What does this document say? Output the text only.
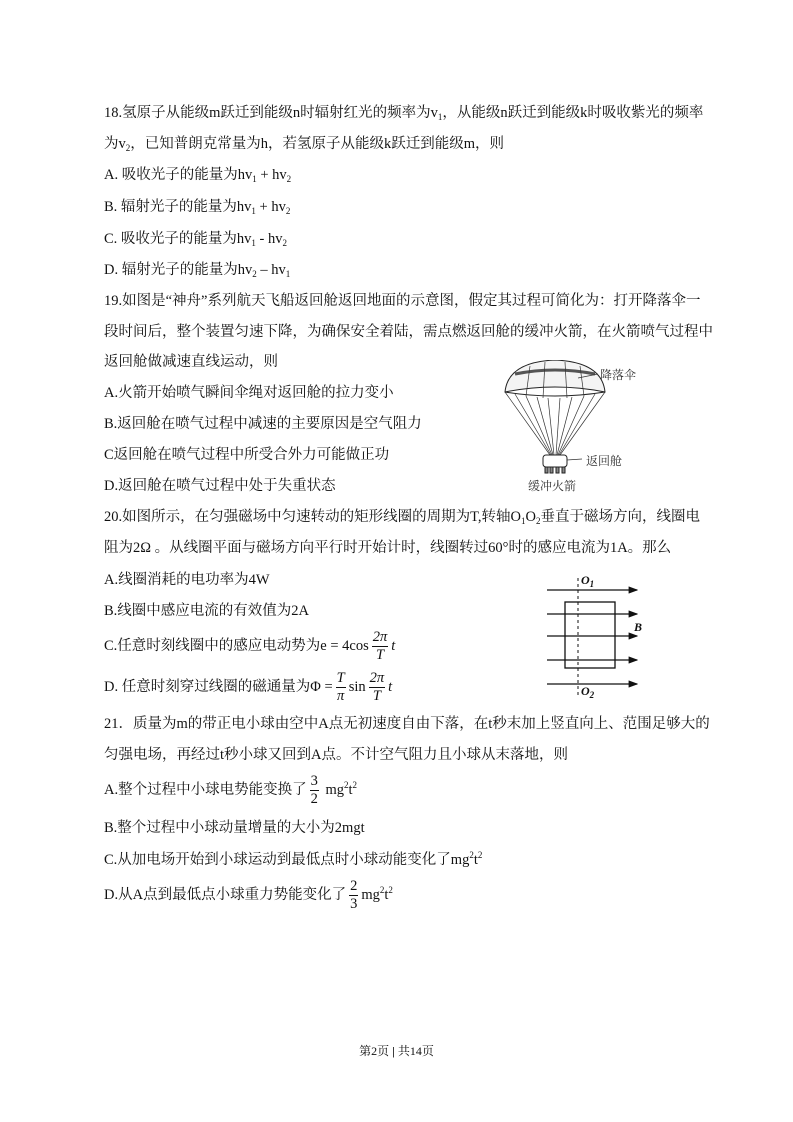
18.氢原子从能级m跃迁到能级n时辐射红光的频率为$v_1$，从能级n跃迁到能级k时吸收紫光的频率
为$v_2$，已知普朗克常量为h，若氢原子从能级k跃迁到能级m，则
A. 吸收光子的能量为$hv_1 + hv_2$
B. 辐射光子的能量为$hv_1 + hv_2$
C. 吸收光子的能量为$hv_1 - hv_2$
D. 辐射光子的能量为$hv_2 - hv_1$
19.如图是“神舟”系列航天飞船返回舱返回地面的示意图，假定其过程可简化为：打开降落伞一
段时间后，整个装置匀速下降，为确保安全着陆，需点燃返回舱的缓冲火箭，在火箭喷气过程中
返回舱做减速直线运动，则
A.火箭开始喷气瞬间伞绳对返回舱的拉力变小
B.返回舱在喷气过程中减速的主要原因是空气阻力
C返回舱在喷气过程中所受合外力可能做正功
D.返回舱在喷气过程中处于失重状态
降落伞
返回舱
缓冲火箭
20.如图所示，在匀强磁场中匀速转动的矩形线圈的周期为T,转轴$O_1O_2$垂直于磁场方向，线圈电
阻为2Ω 。从线圈平面与磁场方向平行时开始计时，线圈转过60°时的感应电流为1A。那么
A.线圈消耗的电功率为4W
B.线圈中感应电流的有效值为2A
C.任意时刻线圈中的感应电动势为$e = 4\cos \frac{2\pi}{T}$ t
D. 任意时刻穿过线圈的磁通量为$\Phi = \frac{T}{\pi}$ $\sin \frac{2\pi}{T}$ t
$O_1$
$O_2$
B
21．质量为m的带正电小球由空中A点无初速度自由下落，在t秒末加上竖直向上、范围足够大的
匀强电场，再经过t秒小球又回到A点。不计空气阻力且小球从末落地，则
A.整个过程中小球电势能变换了 $\frac{3}{2} mg^2t^2$
B.整个过程中小球动量增量的大小为2mgt
C.从加电场开始到小球运动到最低点时小球动能变化了$mg^2t^2$
D.从A点到最低点小球重力势能变化了 $\frac{2}{3} mg^2t^2$
第2页 | 共14页
